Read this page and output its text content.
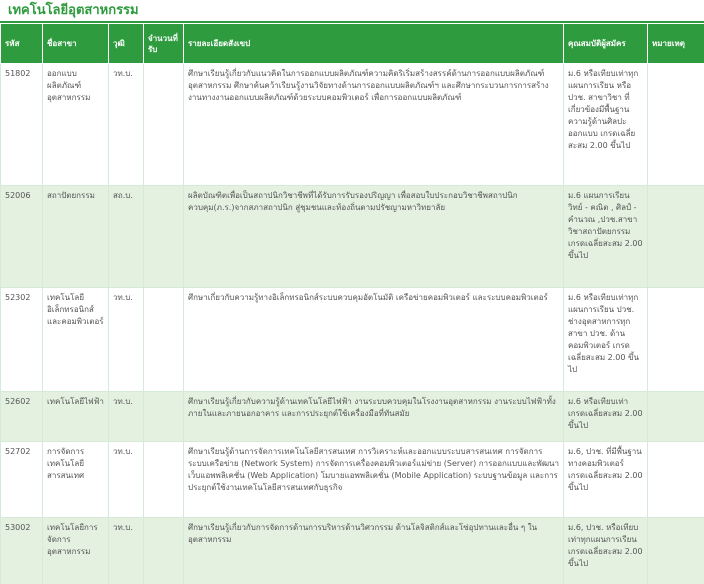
เทคโนโลยีอุตสาหกรรม
รหัส	ชื่อสาขา	วุฒิ	จำนวนที่รับ	รายละเอียดสังเขป	คุณสมบัติผู้สมัคร	หมายเหตุ
51802	ออกแบบผลิตภัณฑ์อุตสาหกรรม	วท.บ.		ศึกษาเรียนรู้เกี่ยวกับแนวคิดในการออกแบบผลิตภัณฑ์ความคิดริเริ่มสร้างสรรค์ด้านการออกแบบผลิตภัณฑ์อุตสาหกรรม ศึกษาค้นคว้าเรียนรู้งานวิจัยทางด้านการออกแบบผลิตภัณฑ์ฯ และศึกษากระบวนการการสร้างงานทางงานออกแบบผลิตภัณฑ์ด้วยระบบคอมพิวเตอร์ เพื่อการออกแบบผลิตภัณฑ์	ม.6 หรือเทียบเท่าทุกแผนการเรียน หรือ ปวช. สาขาวิชา ที่เกี่ยวข้องมีพื้นฐานความรู้ด้านศิลปะ ออกแบบ เกรดเฉลี่ยสะสม 2.00 ขึ้นไป	
52006	สถาปัตยกรรม	สถ.บ.		ผลิตบัณฑิตเพื่อเป็นสถาปนิกวิชาชีพที่ได้รับการรับรองปริญญา เพื่อสอบใบประกอบวิชาชีพสถาปนิกควบคุม(ภ.ร.)จากสภาสถาปนิก สู่ชุมชนและท้องถิ่นตามปรัชญามหาวิทยาลัย	ม.6 แผนการเรียนวิทย์ - คณิต , ศิลป์ - คำนวณ ,ปวช.สาขาวิชาสถาปัตยกรรม เกรดเฉลี่ยสะสม 2.00 ขึ้นไป	
52302	เทคโนโลยีอิเล็กทรอนิกส์และคอมพิวเตอร์	วท.บ.		ศึกษาเกี่ยวกับความรู้ทางอิเล็กทรอนิกส์ระบบควบคุมอัตโนมัติ เครือข่ายคอมพิวเตอร์ และระบบคอมพิวเตอร์	ม.6 หรือเทียบเท่าทุกแผนการเรียน ปวช. ช่างอุตสาหการทุกสาขา ปวช. ด้านคอมพิวเตอร์ เกรดเฉลี่ยสะสม 2.00 ขึ้นไป	
52602	เทคโนโลยีไฟฟ้า	วท.บ.		ศึกษาเรียนรู้เกี่ยวกับความรู้ด้านเทคโนโลยีไฟฟ้า งานระบบควบคุมในโรงงานอุตสาหกรรม งานระบบไฟฟ้าทั้งภายในและภายนอกอาคาร และการประยุกต์ใช้เครื่องมือที่ทันสมัย	ม.6 หรือเทียบเท่า เกรดเฉลี่ยสะสม 2.00 ขึ้นไป	
52702	การจัดการเทคโนโลยีสารสนเทศ	วท.บ.		ศึกษาเรียนรู้ด้านการจัดการเทคโนโลยีสารสนเทศ การวิเคราะห์และออกแบบระบบสารสนเทศ การจัดการระบบเครือข่าย (Network System) การจัดการเครื่องคอมพิวเตอร์แม่ข่าย (Server) การออกแบบและพัฒนาเว็บแอพพลิเคชั่น (Web Application) โมบายแอพพลิเคชั่น (Mobile Application) ระบบฐานข้อมูล และการประยุกต์ใช้งานเทคโนโลยีสารสนเทศกับธุรกิจ	ม.6, ปวช. ที่มีพื้นฐานทางคอมพิวเตอร์ เกรดเฉลี่ยสะสม 2.00 ขึ้นไป	
53002	เทคโนโลยีการจัดการอุตสาหกรรม	วท.บ.		ศึกษาเรียนรู้เกี่ยวกับการจัดการด้านการบริหารด้านวิศวกรรม ด้านโลจิสติกส์และโซ่อุปทานและอื่น ๆ ในอุตสาหกรรม	ม.6, ปวช. หรือเทียบเท่าทุกแผนการเรียน เกรดเฉลี่ยสะสม 2.00 ขึ้นไป	
